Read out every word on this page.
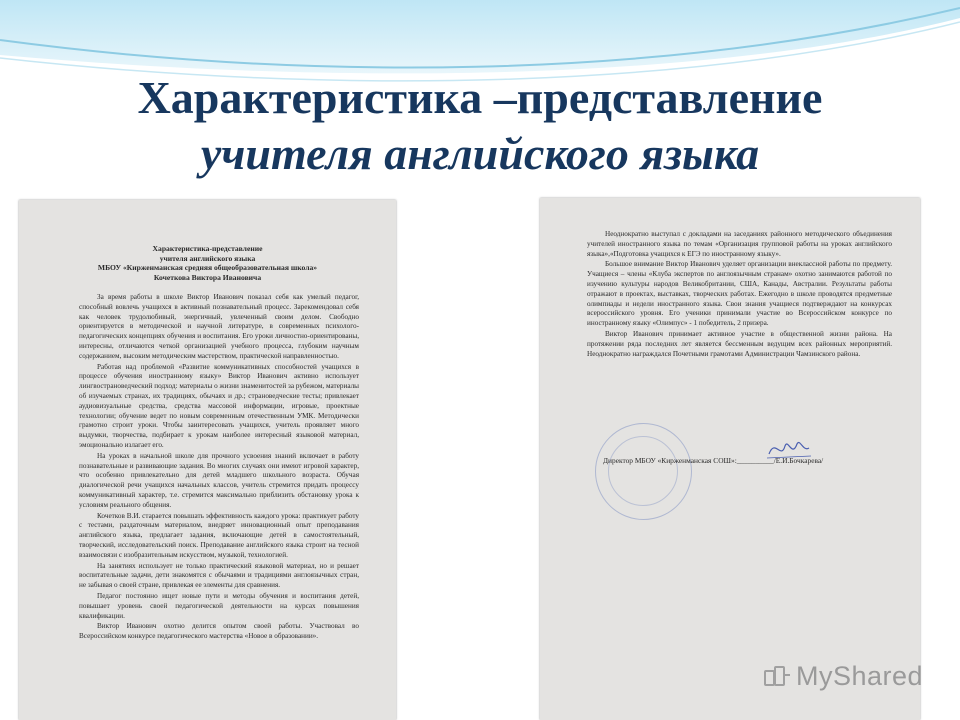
Характеристика –представление
учителя английского языка
Характеристика-представление
учителя английского языка
МБОУ «Кирженманская средняя общеобразовательная школа»
Кочеткова Виктора Ивановича

За время работы в школе Виктор Иванович показал себя как умелый педагог, способный вовлечь учащихся в активный познавательный процесс. Зарекомендовал себя как человек трудолюбивый, энергичный, увлеченный своим делом. Свободно ориентируется в методической и научной литературе, в современных психолого-педагогических концепциях обучения и воспитания. Его уроки личностно-ориентированы, интересны, отличаются четкой организацией учебного процесса, глубоким научным содержанием, высоким методическим мастерством, практической направленностью.

Работая над проблемой «Развитие коммуникативных способностей учащихся в процессе обучения иностранному языку» Виктор Иванович активно использует лингвострановедческий подход: материалы о жизни знаменитостей за рубежом, материалы об изучаемых странах, их традициях, обычаях и др.; страноведческие тесты; привлекает аудиовизуальные средства, средства массовой информации, игровые, проектные технологии; обучение ведет по новым современным отечественным УМК. Методически грамотно строит уроки. Чтобы заинтересовать учащихся, учитель проявляет много выдумки, творчества, подбирает к урокам наиболее интересный языковой материал, эмоционально излагает его.

На уроках в начальной школе для прочного усвоения знаний включает в работу познавательные и развивающие задания. Во многих случаях они имеют игровой характер, что особенно привлекательно для детей младшего школьного возраста. Обучая диалогической речи учащихся начальных классов, учитель стремится придать процессу коммуникативный характер, т.е. стремится максимально приблизить обстановку урока к условиям реального общения.

Кочетков В.И. старается повышать эффективность каждого урока: практикует работу с тестами, раздаточным материалом, внедряет инновационный опыт преподавания английского языка, предлагает задания, включающие детей в самостоятельный, творческий, исследовательский поиск. Преподавание английского языка строит на тесной взаимосвязи с изобразительным искусством, музыкой, технологией.

На занятиях использует не только практический языковой материал, но и решает воспитательные задачи, дети знакомятся с обычаями и традициями англоязычных стран, не забывая о своей стране, привлекая ее элементы для сравнения.

Педагог постоянно ищет новые пути и методы обучения и воспитания детей, повышает уровень своей педагогической деятельности на курсах повышения квалификации.

Виктор Иванович охотно делится опытом своей работы. Участвовал во Всероссийском конкурсе педагогического мастерства «Новое в образовании».

Неоднократно выступал с докладами на заседаниях районного методического объединения учителей иностранного языка по темам «Организация групповой работы на уроках английского языка»,«Подготовка учащихся к ЕГЭ по иностранному языку».

Большое внимание Виктор Иванович уделяет организации внеклассной работы по предмету. Учащиеся – члены «Клуба экспертов по англоязычным странам» охотно занимаются работой по изучению культуры народов Великобритании, США, Канады, Австралии. Результаты работы отражают в проектах, выставках, творческих работах. Ежегодно в школе проводятся предметные олимпиады и недели иностранного языка. Свои знания учащиеся подтверждают на конкурсах всероссийского уровня. Его ученики принимали участие во Всероссийском конкурсе по иностранному языку «Олимпус» - 1 победитель, 2 призера.

Виктор Иванович принимает активное участие в общественной жизни района. На протяжении ряда последних лет является бессменным ведущим всех районных мероприятий. Неоднократно награждался Почетными грамотами Администрации Чамзинского района.

Директор МБОУ «Кирженманская СОШ»:__________/Е.И.Бочкарева/
MyShared
